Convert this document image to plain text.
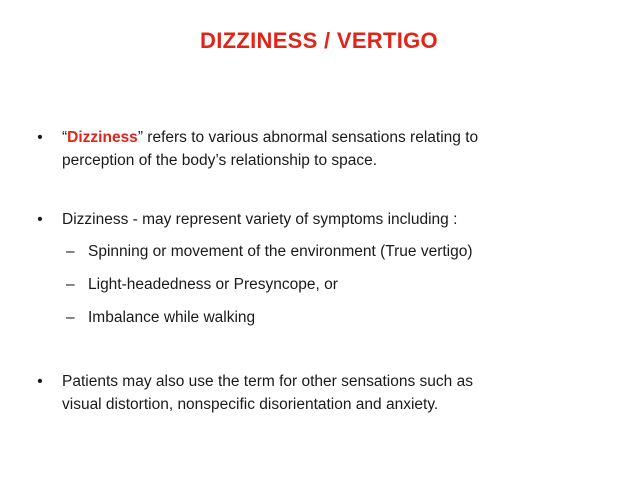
DIZZINESS / VERTIGO
•	“Dizziness” refers to various abnormal sensations relating to
perception of the body’s relationship to space.
•	Dizziness - may represent variety of symptoms including :
– Spinning or movement of the environment (True vertigo)
– Light-headedness or Presyncope, or
– Imbalance while walking
•	Patients may also use the term for other sensations such as
visual distortion, nonspecific disorientation and anxiety.
